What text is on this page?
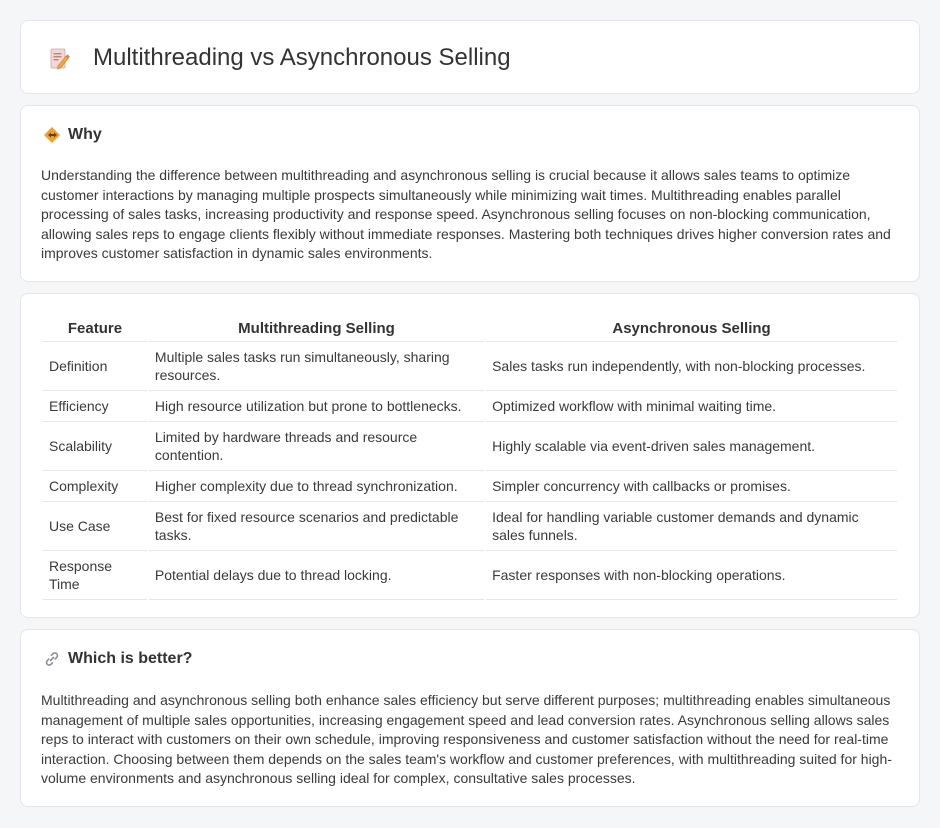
Multithreading vs Asynchronous Selling
Why

Understanding the difference between multithreading and asynchronous selling is crucial because it allows sales teams to optimize customer interactions by managing multiple prospects simultaneously while minimizing wait times. Multithreading enables parallel processing of sales tasks, increasing productivity and response speed. Asynchronous selling focuses on non-blocking communication, allowing sales reps to engage clients flexibly without immediate responses. Mastering both techniques drives higher conversion rates and improves customer satisfaction in dynamic sales environments.

Feature	Multithreading Selling	Asynchronous Selling
Definition	Multiple sales tasks run simultaneously, sharing resources.	Sales tasks run independently, with non-blocking processes.
Efficiency	High resource utilization but prone to bottlenecks.	Optimized workflow with minimal waiting time.
Scalability	Limited by hardware threads and resource contention.	Highly scalable via event-driven sales management.
Complexity	Higher complexity due to thread synchronization.	Simpler concurrency with callbacks or promises.
Use Case	Best for fixed resource scenarios and predictable tasks.	Ideal for handling variable customer demands and dynamic sales funnels.
Response Time	Potential delays due to thread locking.	Faster responses with non-blocking operations.
Which is better?

Multithreading and asynchronous selling both enhance sales efficiency but serve different purposes; multithreading enables simultaneous management of multiple sales opportunities, increasing engagement speed and lead conversion rates. Asynchronous selling allows sales reps to interact with customers on their own schedule, improving responsiveness and customer satisfaction without the need for real-time interaction. Choosing between them depends on the sales team's workflow and customer preferences, with multithreading suited for high-volume environments and asynchronous selling ideal for complex, consultative sales processes.
